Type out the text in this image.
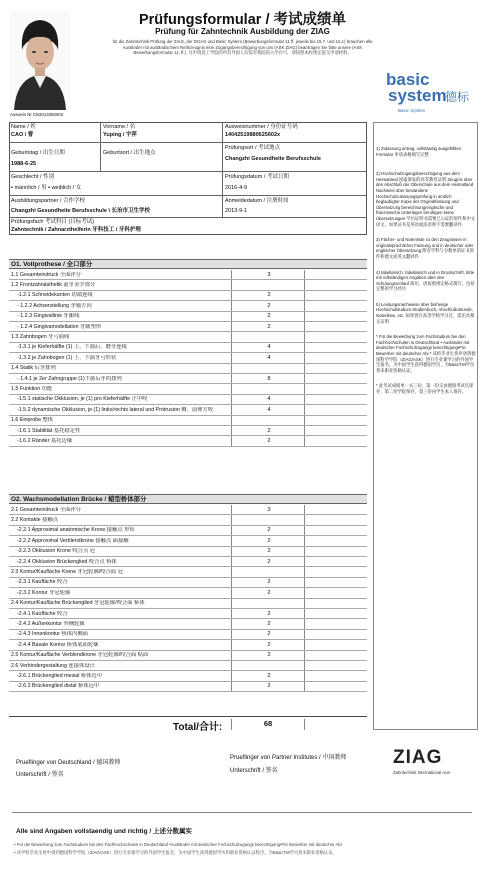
Prüfungsformular / 考试成绩单
Prüfung für Zahntechnik Ausbildung der ZIAG
für die Zahntechnik Prüfung der ZIAG, der DGAG und Basic System (Bewerbungsformular 11 ff. jeweils bis 15.7. und 15.1) brauchen alle Ausländer mit ausländischem Reifezeugnis eine Zugangsberechtigung von uns (ASK ZIAG) beantragen Sie bitte unsere (ASK Bewerbungsformular 11, ff.). 凡申请技工学院的所有外国人均需有我院的入学许可，请按照本校规定提交申请材料。
Ausweis Nr CN2013350003
basic
system
德标
Basic System
Name / 姓
CAO / 曹
Vorname / 名
Yuping / 宇萍
Ausweisnummer / 身份证号码
14042519880625602x
Geburtstag / 出生日期
1988-6-25
Geburtsort / 出生地点
Prüfungsort / 考试地点
Changzhi Gesundheite Berufsschule
Geschlecht / 性别
▪ männlich / 男 ▪ weiblich / 女
Prüfungsdatum / 考试日期
2016-4-9
Ausbildungspartner / 合作学校
Changzhi Gesundheite Berufsschule \ 长治市卫生学校
Anmeldedatum / 注册时间
2013-9-1
Prüfungsfach 考试科目 (目标考试)
Zahntechnik / Zahnarzthelferin 牙科技工 / 牙科护理
O1. Vollprothese / 全口部分
1.1 Gesamteindruck 全面评分	3
1.2 Frontzahnästhetik 前牙美学部分
-1.2.1 Schneidekanten 切端连线	2
- 1.2.2 Achsenstellung 牙轴方向	2
- 1.2.3 Gingivallinie 牙龈线	2
- 1.2.4 Gingivamodellation 牙龈塑形	2
1.3 Zahnbogen 牙弓曲线
-1.3.1 je Kieferhälfte (1) 上、下颌后、磨牙连线	4
-1.3.2 je Zahnbogen (1) 上、下颌牙弓形状	4
1.4 Statik 后牙排列
- 1.4.1 je 2er Zahngruppe (1)下颌后牙的排列	8
1.5 Funktion 功能
-1.5.1 statische Okklusion, je (1) pro Kieferhälfte 正中咬	4
-1.5.2 dynamische Okklusion, je (1) links/rechts lateral und Protrusion 侧、前伸方咬	4
1.6 Einprobe 整体
-1.6.1 Stabilität 基托稳定性	2
-1.6.2 Ränder 基托边缘	2
O2. Wachsmodellation Brücke / 蜡型桥体部分
2.1 Gesamteindruck 全面评分	3
2.2 Kontakte 接触点
-2.2.1 Approximal anatomische Krone 接触点 形状	2
-2.2.2 Approximal Verblendkrone 接触点 面接触	2
-2.2.3 Okklusion Krone 咬合点 冠	2
-2.2.4 Okklusion Brückenglied 咬合点 桥体	2
2.3 Kontur/Kaufläche Krone 牙冠轮廓/咬合面 冠
-2.3.1 Kaufläche 咬合	2
-2.3.2 Kontur 牙冠轮廓	2
2.4 Kontur/Kaufläche Brückenglied 牙冠轮廓/咬合面 桥体
-2.4.1 Kaufläche 咬合	2
-2.4.2 Außenkontur 外侧轮廓	2
-2.4.3 Innenkontur 桥体内侧面	2
-2.4.4 Basale Kontur 桥体底面轮廓	2
2.5 Kontur/Kaufläche Verblendkrone 牙冠轮廓/咬合面 贴面	2
2.6 Verbindergestaltung 连接体设计
-2.6.1 Brückenglied mesial 桥体近中	2
-2.6.2 Brückenglied distal 桥体远中	2
Total/合计:	68

1) Zulassung antrag, vollständig ausgefülltes Formular 申请表格填写完整

2) Hochschulzugangsberechtigung aus dem Heimatland 国家颁发的高等教育证明 Zeugnis über den Abschluß der Oberschule aus dem Heimatland Nachweis über bestandene Hochschulzulassungsprüfung in amtlich beglaubigter Kopie der Originalfassung und Übersetzung bereichnung/englische und französische Unterlagen benötigen keine Übersetzungen 学历证明书需要已公证的原件和中文译文，如果证书是英语或法语则不需要翻译件

3) Fächer- und Notenliste zu den Zeugnissen in originalsprachlicher Fassung und in deutscher oder englischer Übersetzung 附有学科与分数单的证书原件和德文或英文翻译件

4) tabellarisch, tabellarisch und in Druckschrift, bitte mit vollständigen Angaben über den Schulungsverlauf 简历，请按照规定格式填写，包括完整的学习经历

5) Leistungsnachweise über bisherige Hochschulstudium Studienbuch, Abschlußurkunde, Notenliste, etc. 如果曾在高等学校学习过，需出具相关证明

* Für die Bewerbung zum Fachstudium bei den Fachhochschulen in Deutschland • Ausländer mit deutscher Fochschulzugangs berechtigung•Für Bewerber mit deutscher Abi * 该校毕业生将申请到德国科学学院（ZIAG/ASK）进行专业课学习的外国学生报名，为中国学生获得德国学历，为BasicTM学员将来职业资格认证。

* 此考试成绩单一式三份，第一份交由德国考试官保存，第二份学院保存，第三份由学生本人保存。

Prueflinger von Deutschland / 德国教师
Unterschrift / 签名
Prueflinger von Partner Institutes / 中国教师
Unterschrift / 签名
ZIAG
Zahntechnik International Aus-
Alle sind Angaben vollstaendig und richtig / 上述分数属实
• Für die Bewerbung zum Fachstudium bei den Fachhochschulen in Deutschland •Ausländer mit deutscher Fochschulzugangs berechtigung•Für Bewerber mit deutscher Abi
• 该学校毕业生将申请到德国科学学院（ZIAG/ASK）进行专业课学习的外国学生报名，为中国学生获得德国学历和职业资格认证程序。为BasicTM学员将来职业资格认证。
